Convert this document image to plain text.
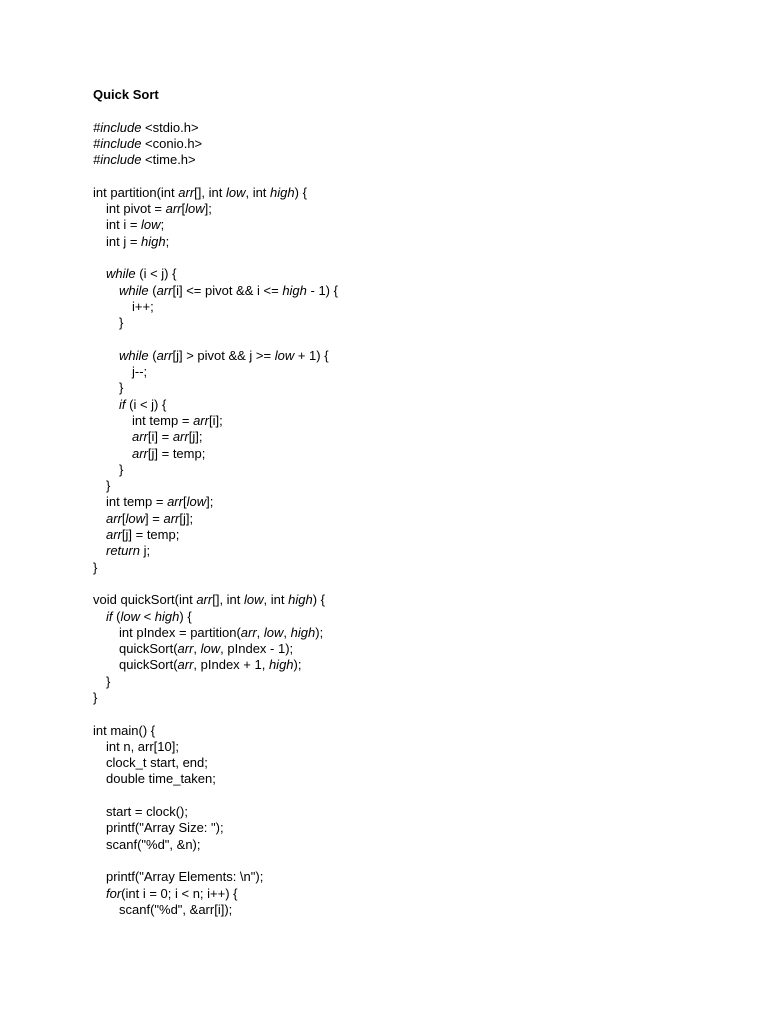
Quick Sort
#include <stdio.h>
#include <conio.h>
#include <time.h>
int partition(int arr[], int low, int high) {
int pivot = arr[low];
int i = low;
int j = high;
while (i < j) {
while (arr[i] <= pivot && i <= high - 1) {
i++;
}
while (arr[j] > pivot && j >= low + 1) {
j--;
}
if (i < j) {
int temp = arr[i];
arr[i] = arr[j];
arr[j] = temp;
}
}
int temp = arr[low];
arr[low] = arr[j];
arr[j] = temp;
return j;
}
void quickSort(int arr[], int low, int high) {
if (low < high) {
int pIndex = partition(arr, low, high);
quickSort(arr, low, pIndex - 1);
quickSort(arr, pIndex + 1, high);
}
}
int main() {
int n, arr[10];
clock_t start, end;
double time_taken;
start = clock();
printf("Array Size: ");
scanf("%d", &n);
printf("Array Elements: \n");
for(int i = 0; i < n; i++) {
scanf("%d", &arr[i]);
